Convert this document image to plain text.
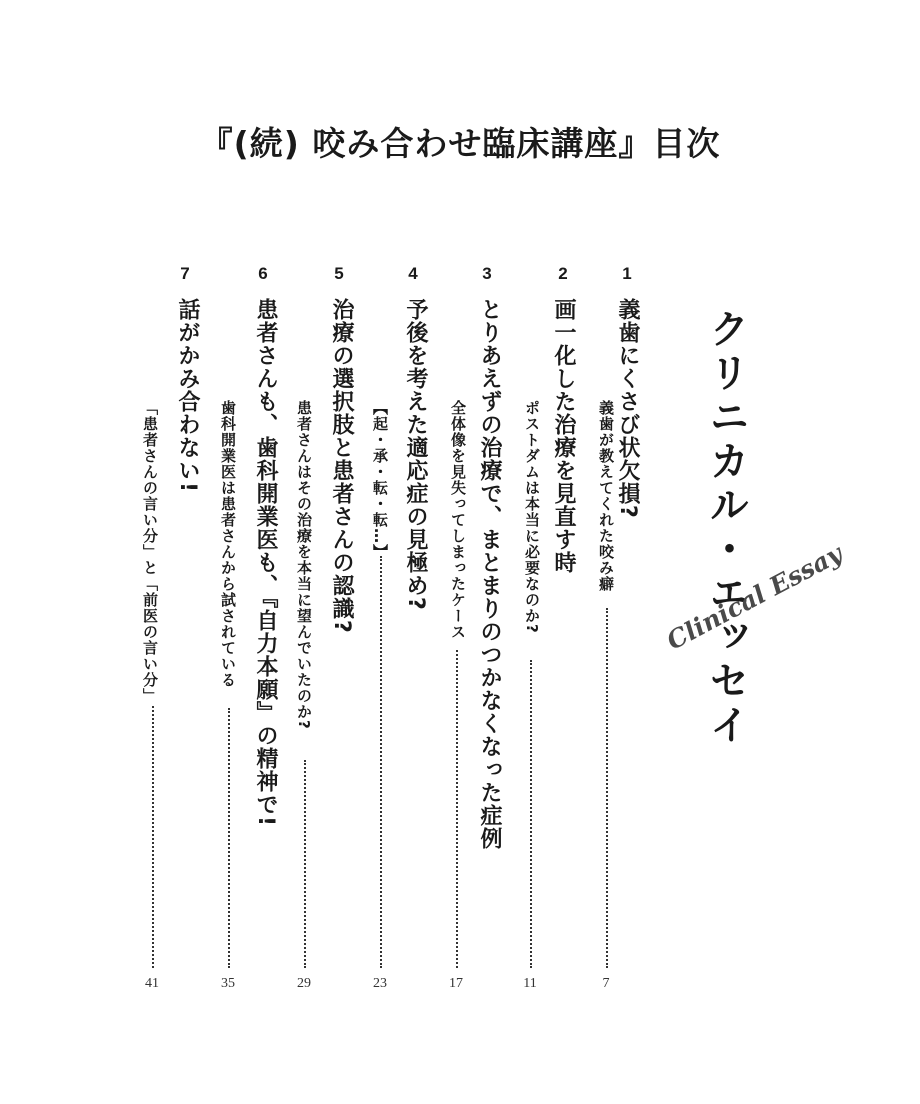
『(続) 咬み合わせ臨床講座』目次
クリニカル・エッセイ
Clinical Essay
1
義歯にくさび状欠損?
義歯が教えてくれた咬み癖
7
2
画一化した治療を見直す時
ポストダムは本当に必要なのか?
11
3
とりあえずの治療で、まとまりのつかなくなった症例
全体像を見失ってしまったケース
17
4
予後を考えた適応症の見極め?
【起・承・転・転…】
23
5
治療の選択肢と患者さんの認識?
患者さんはその治療を本当に望んでいたのか?
29
6
患者さんも、歯科開業医も、『自力本願』の精神で!
歯科開業医は患者さんから試されている
35
7
話がかみ合わない!
「患者さんの言い分」と「前医の言い分」
41
